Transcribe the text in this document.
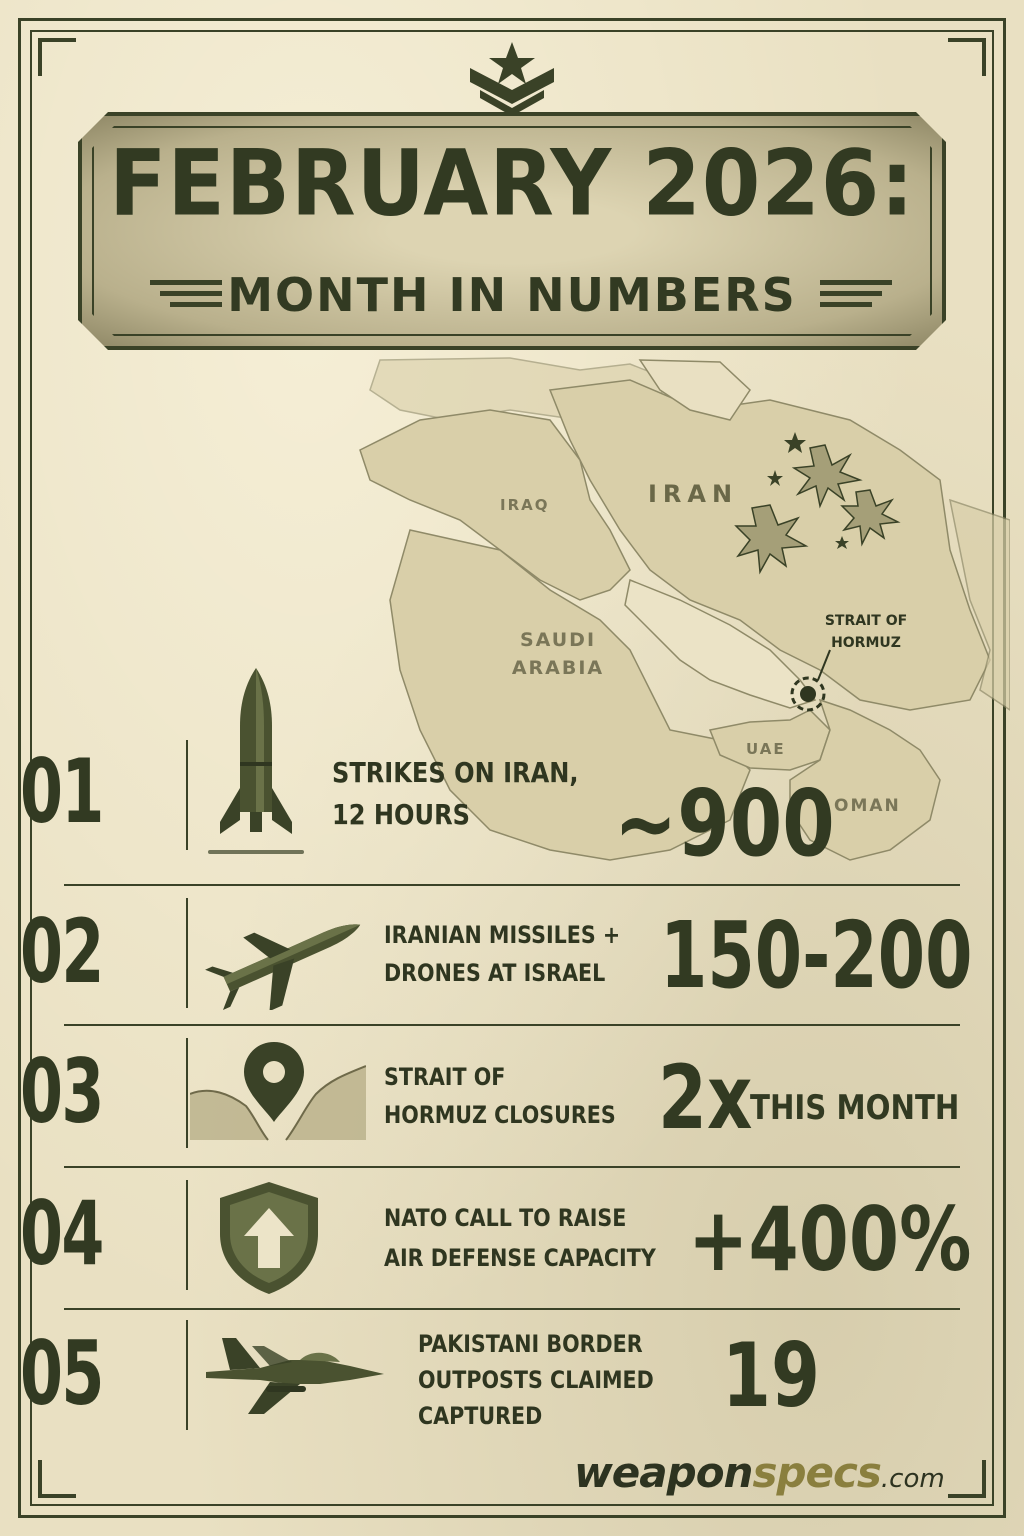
FEBRUARY 2026:
MONTH IN NUMBERS
IRAQ	IRAN
SAUDI ARABIA
UAE
OMAN
STRAIT OF HORMUZ
01	STRIKES ON IRAN,
12 HOURS	~900
02	IRANIAN MISSILES +
DRONES AT ISRAEL 150-200
03	STRAIT OF
HORMUZ CLOSURES 2x
THIS MONTH
04	NATO CALL TO RAISE
AIR DEFENSE CAPACITY +400%
05	PAKISTANI BORDER
OUTPOSTS CLAIMED
CAPTURED	19
weaponspecs.com
